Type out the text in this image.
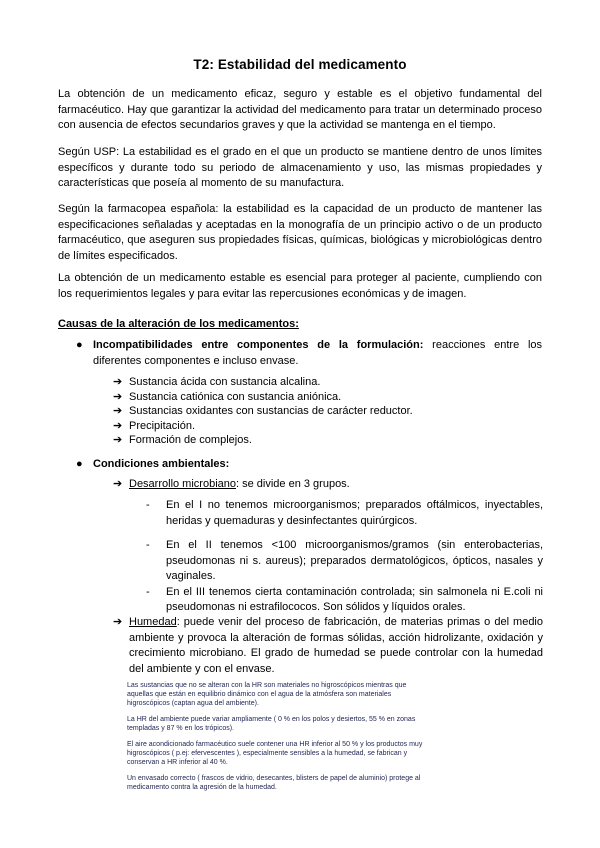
T2: Estabilidad del medicamento
La obtención de un medicamento eficaz, seguro y estable es el objetivo fundamental del farmacéutico. Hay que garantizar la actividad del medicamento para tratar un determinado proceso con ausencia de efectos secundarios graves y que la actividad se mantenga en el tiempo.
Según USP: La estabilidad es el grado en el que un producto se mantiene dentro de unos límites específicos y durante todo su periodo de almacenamiento y uso, las mismas propiedades y características que poseía al momento de su manufactura.
Según la farmacopea española: la estabilidad es la capacidad de un producto de mantener las especificaciones señaladas y aceptadas en la monografía de un principio activo o de un producto farmacéutico, que aseguren sus propiedades físicas, químicas, biológicas y microbiológicas dentro de límites especificados.
La obtención de un medicamento estable es esencial para proteger al paciente, cumpliendo con los requerimientos legales y para evitar las repercusiones económicas y de imagen.
Causas de la alteración de los medicamentos:
● Incompatibilidades entre componentes de la formulación: reacciones entre los diferentes componentes e incluso envase.
➔ Sustancia ácida con sustancia alcalina.
➔ Sustancia catiónica con sustancia aniónica.
➔ Sustancias oxidantes con sustancias de carácter reductor.
➔ Precipitación.
➔ Formación de complejos.
● Condiciones ambientales:
➔ Desarrollo microbiano: se divide en 3 grupos.
- En el I no tenemos microorganismos; preparados oftálmicos, inyectables, heridas y quemaduras y desinfectantes quirúrgicos.
- En el II tenemos <100 microorganismos/gramos (sin enterobacterias, pseudomonas ni s. aureus); preparados dermatológicos, ópticos, nasales y vaginales.
- En el III tenemos cierta contaminación controlada; sin salmonela ni E.coli ni pseudomonas ni estrafilococos. Son sólidos y líquidos orales.
➔ Humedad: puede venir del proceso de fabricación, de materias primas o del medio ambiente y provoca la alteración de formas sólidas, acción hidrolizante, oxidación y crecimiento microbiano. El grado de humedad se puede controlar con la humedad del ambiente y con el envase.

Las sustancias que no se alteran con la HR son materiales no higroscópicos mientras que aquellas que están en equilibrio dinámico con el agua de la atmósfera son materiales higroscópicos (captan agua del ambiente).

La HR del ambiente puede variar ampliamente ( 0 % en los polos y desiertos, 55 % en zonas templadas y 87 % en los trópicos).

El aire acondicionado farmacéutico suele contener una HR inferior al 50 % y los productos muy higroscópicos ( p.ej: efervescentes ), especialmente sensibles a la humedad, se fabrican y conservan a HR inferior al 40 %.

Un envasado correcto ( frascos de vidrio, desecantes, blisters de papel de aluminio) protege al medicamento contra la agresión de la humedad.
